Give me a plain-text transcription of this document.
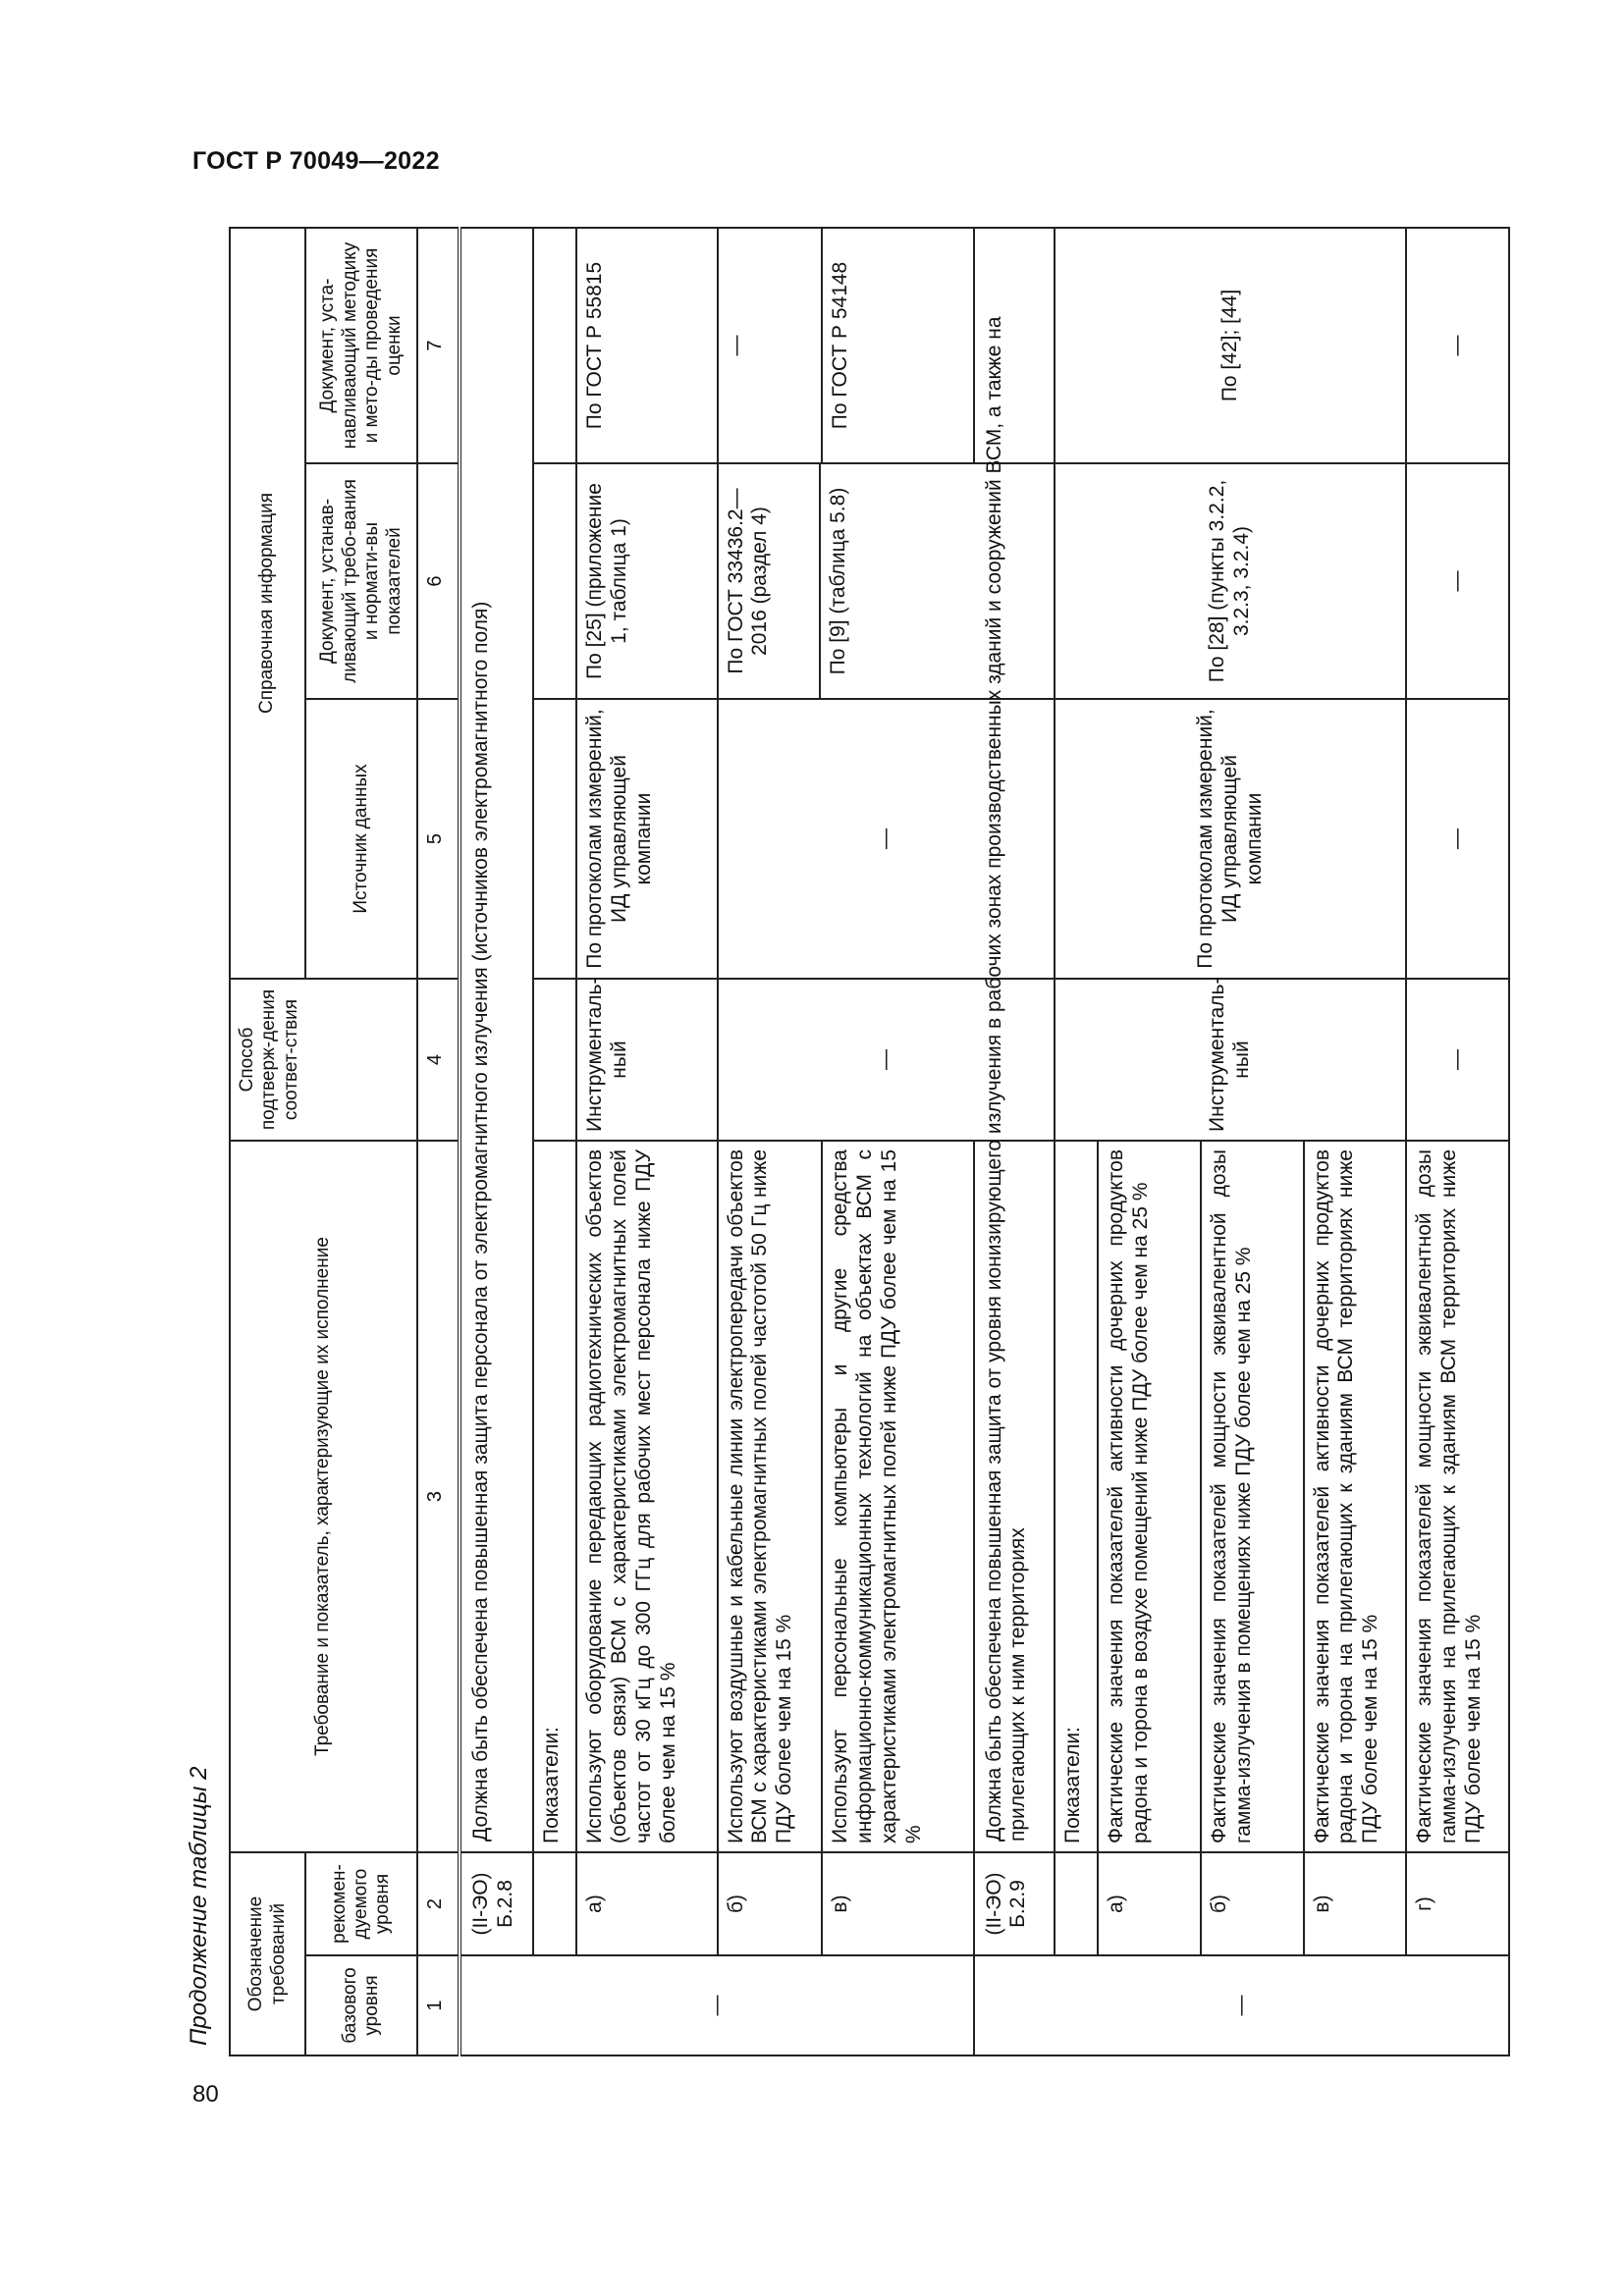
ГОСТ Р 70049—2022
80
Продолжение таблицы 2	Обозначение требований		Требование и показатель, характеризующие их исполнение	Способ подтверж-дения соответ-ствия	Справочная информация		
базового уровня	рекомен-дуемого уровня			Источник данных	Документ, устанав-ливающий требо-вания и нормати-вы показателей	Документ, уста-навливающий методику и мето-ды проведения оценки
1	2	3	4	5	6	7
—	(II-ЭО) Б.2.8	Должна быть обеспечена повышенная защита персонала от электромагнитного излучения (источников электромагнитного поля)				
		Показатели:				
	а)	Используют оборудование передающих радиотехнических объектов (объектов связи) ВСМ с характеристиками электромагнитных полей частот от 30 кГц до 300 ГГц для рабочих мест персонала ниже ПДУ более чем на 15 %	Инструменталь-ный	По протоколам измерений, ИД управляющей компании	По [25] (приложение 1, таблица 1)	По ГОСТ Р 55815
	б)	Используют воздушные и кабельные линии электропередачи объектов ВСМ с характеристиками электромагнитных полей частотой 50 Гц ниже ПДУ более чем на 15 %	—	—	По ГОСТ 33436.2—2016 (раздел 4)	—
					По [9] (таблица 5.8)	
	в)	Используют персональные компьютеры и другие средства информационно-коммуникационных технологий на объектах ВСМ с характеристиками электромагнитных полей ниже ПДУ более чем на 15 %				По ГОСТ Р 54148
—	(II-ЭО) Б.2.9	Должна быть обеспечена повышенная защита от уровня ионизирующего излучения в рабочих зонах производственных зданий и сооружений ВСМ, а также на прилегающих к ним территориях				
		Показатели:	Инструменталь-ный	По протоколам измерений, ИД управляющей компании	По [28] (пункты 3.2.2, 3.2.3, 3.2.4)	По [42]; [44]
	а)	Фактические значения показателей активности дочерних продуктов радона и торона в воздухе помещений ниже ПДУ более чем на 25 %				
	б)	Фактические значения показателей мощности эквивалентной дозы гамма-излучения в помещениях ниже ПДУ более чем на 25 %				
	в)	Фактические значения показателей активности дочерних продуктов радона и торона на прилегающих к зданиям ВСМ территориях ниже ПДУ более чем на 15 %				
	г)	Фактические значения показателей мощности эквивалентной дозы гамма-излучения на прилегающих к зданиям ВСМ территориях ниже ПДУ более чем на 15 %	—	—	—	—
